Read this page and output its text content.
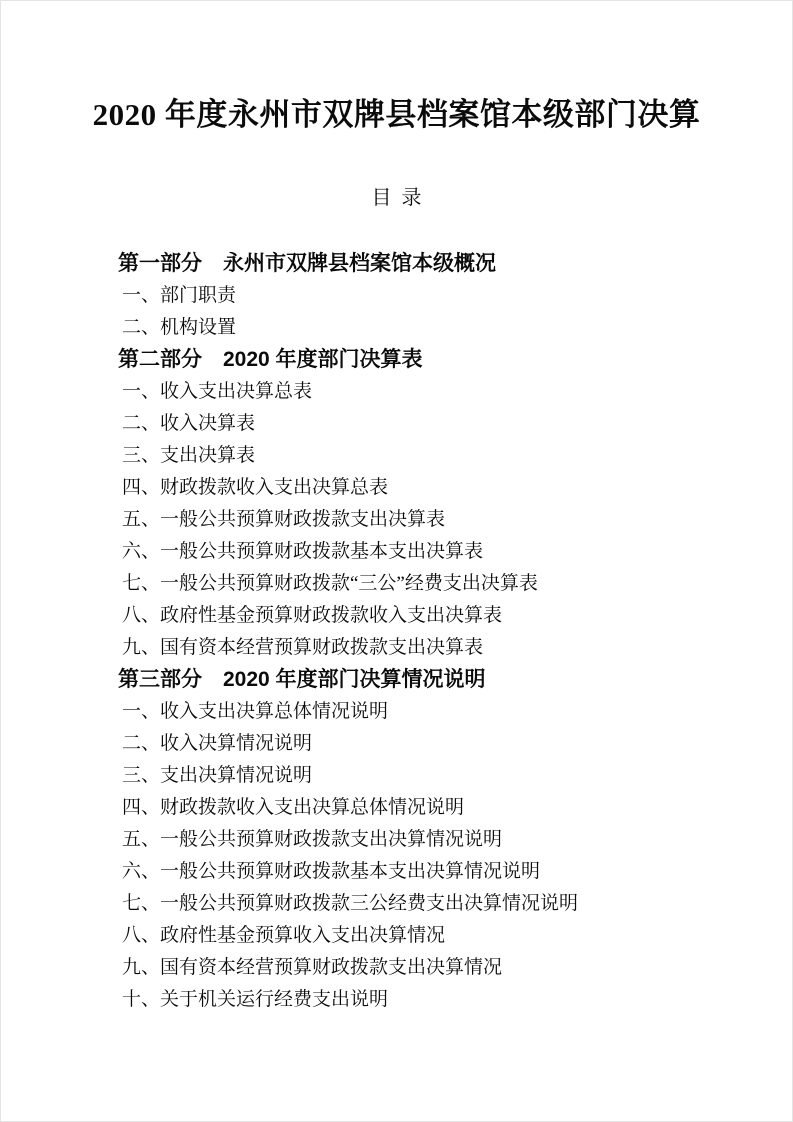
2020 年度永州市双牌县档案馆本级部门决算
目  录
第一部分　永州市双牌县档案馆本级概况
一、部门职责
二、机构设置
第二部分　2020 年度部门决算表
一、收入支出决算总表
二、收入决算表
三、支出决算表
四、财政拨款收入支出决算总表
五、一般公共预算财政拨款支出决算表
六、一般公共预算财政拨款基本支出决算表
七、一般公共预算财政拨款“三公”经费支出决算表
八、政府性基金预算财政拨款收入支出决算表
九、国有资本经营预算财政拨款支出决算表
第三部分　2020 年度部门决算情况说明
一、收入支出决算总体情况说明
二、收入决算情况说明
三、支出决算情况说明
四、财政拨款收入支出决算总体情况说明
五、一般公共预算财政拨款支出决算情况说明
六、一般公共预算财政拨款基本支出决算情况说明
七、一般公共预算财政拨款三公经费支出决算情况说明
八、政府性基金预算收入支出决算情况
九、国有资本经营预算财政拨款支出决算情况
十、关于机关运行经费支出说明
